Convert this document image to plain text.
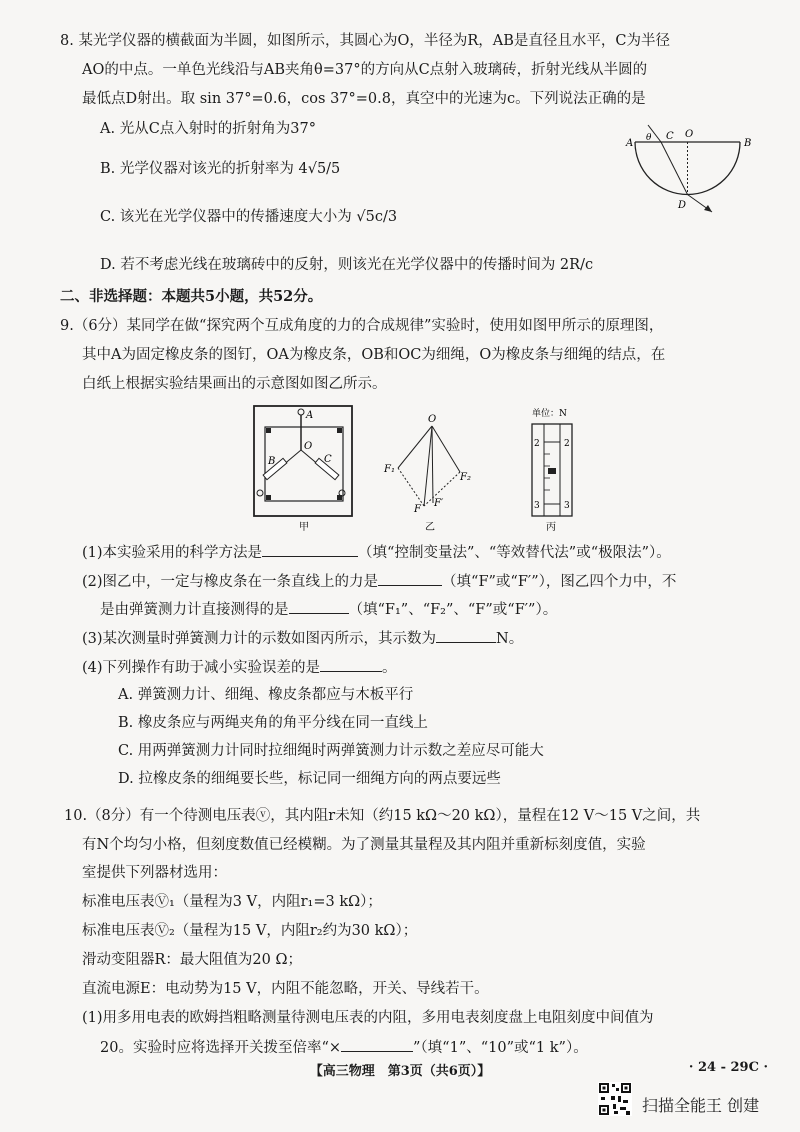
8. 某光学仪器的横截面为半圆，如图所示，其圆心为O，半径为R，AB是直径且水平，C为半径
AO的中点。一单色光线沿与AB夹角θ=37°的方向从C点射入玻璃砖，折射光线从半圆的
最低点D射出。取 sin 37°=0.6，cos 37°=0.8，真空中的光速为c。下列说法正确的是
A. 光从C点入射时的折射角为37°
B. 光学仪器对该光的折射率为 4√5/5
C. 该光在光学仪器中的传播速度大小为 √5c/3
D. 若不考虑光线在玻璃砖中的反射，则该光在光学仪器中的传播时间为 2R/c
A	B
C O
D
θ
二、非选择题：本题共5小题，共52分。
9.（6分）某同学在做“探究两个互成角度的力的合成规律”实验时，使用如图甲所示的原理图，
其中A为固定橡皮条的图钉，OA为橡皮条，OB和OC为细绳，O为橡皮条与细绳的结点，在
白纸上根据实验结果画出的示意图如图乙所示。
A
B
O
C
甲
O
F₁
F₂
F
F′
乙
单位：N
2	2
3	3
丙
(1)本实验采用的科学方法是	（填“控制变量法”、“等效替代法”或“极限法”）。
(2)图乙中，一定与橡皮条在一条直线上的力是	（填“F”或“F′”），图乙四个力中，不
是由弹簧测力计直接测得的是	（填“F₁”、“F₂”、“F”或“F′”）。
(3)某次测量时弹簧测力计的示数如图丙所示，其示数为	N。
(4)下列操作有助于减小实验误差的是	。
A. 弹簧测力计、细绳、橡皮条都应与木板平行
B. 橡皮条应与两绳夹角的角平分线在同一直线上
C. 用两弹簧测力计同时拉细绳时两弹簧测力计示数之差应尽可能大
D. 拉橡皮条的细绳要长些，标记同一细绳方向的两点要远些
10.（8分）有一个待测电压表ⓥ，其内阻r未知（约15 kΩ～20 kΩ），量程在12 V～15 V之间，共
有N个均匀小格，但刻度数值已经模糊。为了测量其量程及其内阻并重新标刻度值，实验
室提供下列器材选用：
标准电压表Ⓥ₁（量程为3 V，内阻r₁=3 kΩ）；
标准电压表Ⓥ₂（量程为15 V，内阻r₂约为30 kΩ）；
滑动变阻器R：最大阻值为20 Ω；
直流电源E：电动势为15 V，内阻不能忽略，开关、导线若干。
(1)用多用电表的欧姆挡粗略测量待测电压表的内阻，多用电表刻度盘上电阻刻度中间值为
20。实验时应将选择开关拨至倍率“×	”（填“1”、“10”或“1 k”）。
【高三物理　第3页（共6页）】	· 24 - 29C ·
扫描全能王 创建
